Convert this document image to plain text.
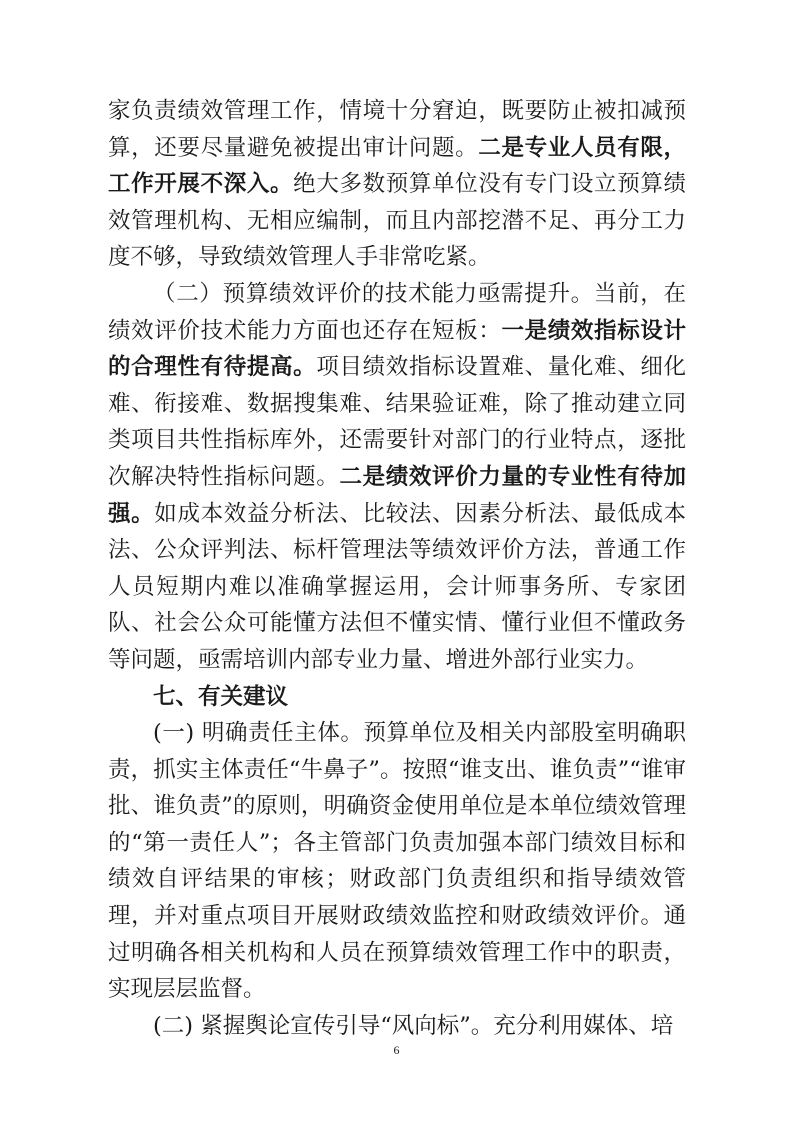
家负责绩效管理工作，情境十分窘迫，既要防止被扣减预算，还要尽量避免被提出审计问题。二是专业人员有限，工作开展不深入。绝大多数预算单位没有专门设立预算绩效管理机构、无相应编制，而且内部挖潜不足、再分工力度不够，导致绩效管理人手非常吃紧。

（二）预算绩效评价的技术能力亟需提升。当前，在绩效评价技术能力方面也还存在短板：一是绩效指标设计的合理性有待提高。项目绩效指标设置难、量化难、细化难、衔接难、数据搜集难、结果验证难，除了推动建立同类项目共性指标库外，还需要针对部门的行业特点，逐批次解决特性指标问题。二是绩效评价力量的专业性有待加强。如成本效益分析法、比较法、因素分析法、最低成本法、公众评判法、标杆管理法等绩效评价方法，普通工作人员短期内难以准确掌握运用，会计师事务所、专家团队、社会公众可能懂方法但不懂实情、懂行业但不懂政务等问题，亟需培训内部专业力量、增进外部行业实力。

七、有关建议

(一) 明确责任主体。预算单位及相关内部股室明确职责，抓实主体责任“牛鼻子”。按照“谁支出、谁负责”“谁审批、谁负责”的原则，明确资金使用单位是本单位绩效管理的“第一责任人”；各主管部门负责加强本部门绩效目标和绩效自评结果的审核；财政部门负责组织和指导绩效管理，并对重点项目开展财政绩效监控和财政绩效评价。通过明确各相关机构和人员在预算绩效管理工作中的职责，实现层层监督。

(二) 紧握舆论宣传引导“风向标”。充分利用媒体、培

6
